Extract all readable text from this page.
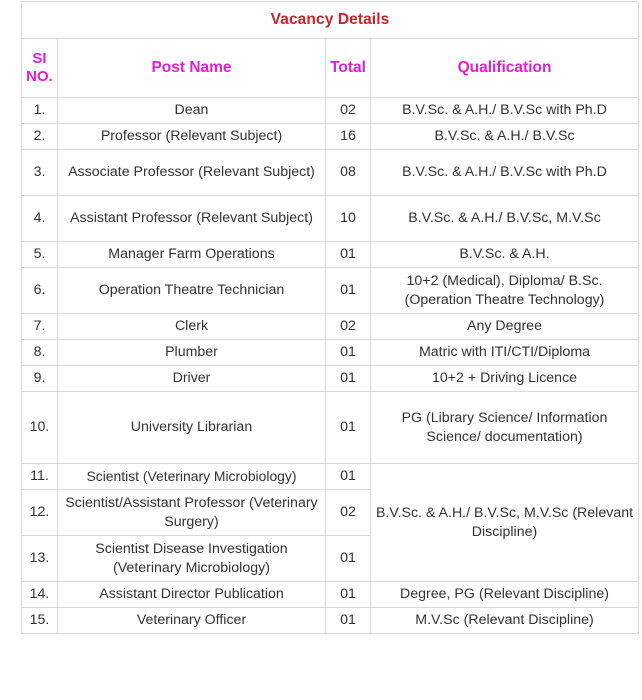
Vacancy Details			

SI
NO.	Post Name	Total	Qualification
1.	Dean	02	B.V.Sc. & A.H./ B.V.Sc with Ph.D
2.	Professor (Relevant Subject)	16	B.V.Sc. & A.H./ B.V.Sc
3.	Associate Professor (Relevant Subject)	08	B.V.Sc. & A.H./ B.V.Sc with Ph.D
4.	Assistant Professor (Relevant Subject)	10	B.V.Sc. & A.H./ B.V.Sc, M.V.Sc
5.	Manager Farm Operations	01	B.V.Sc. & A.H.
6.	Operation Theatre Technician	01	10+2 (Medical), Diploma/ B.Sc. (Operation Theatre Technology)
7.	Clerk	02	Any Degree
8.	Plumber	01	Matric with ITI/CTI/Diploma
9.	Driver	01	10+2 + Driving Licence
10.	University Librarian	01	PG (Library Science/ Information Science/ documentation)
11.	Scientist (Veterinary Microbiology)	01	B.V.Sc. & A.H./ B.V.Sc, M.V.Sc (Relevant Discipline)
12.	Scientist/Assistant Professor (Veterinary Surgery)	02	
13.	Scientist Disease Investigation (Veterinary Microbiology)	01	
14.	Assistant Director Publication	01	Degree, PG (Relevant Discipline)
15.	Veterinary Officer	01	M.V.Sc (Relevant Discipline)
